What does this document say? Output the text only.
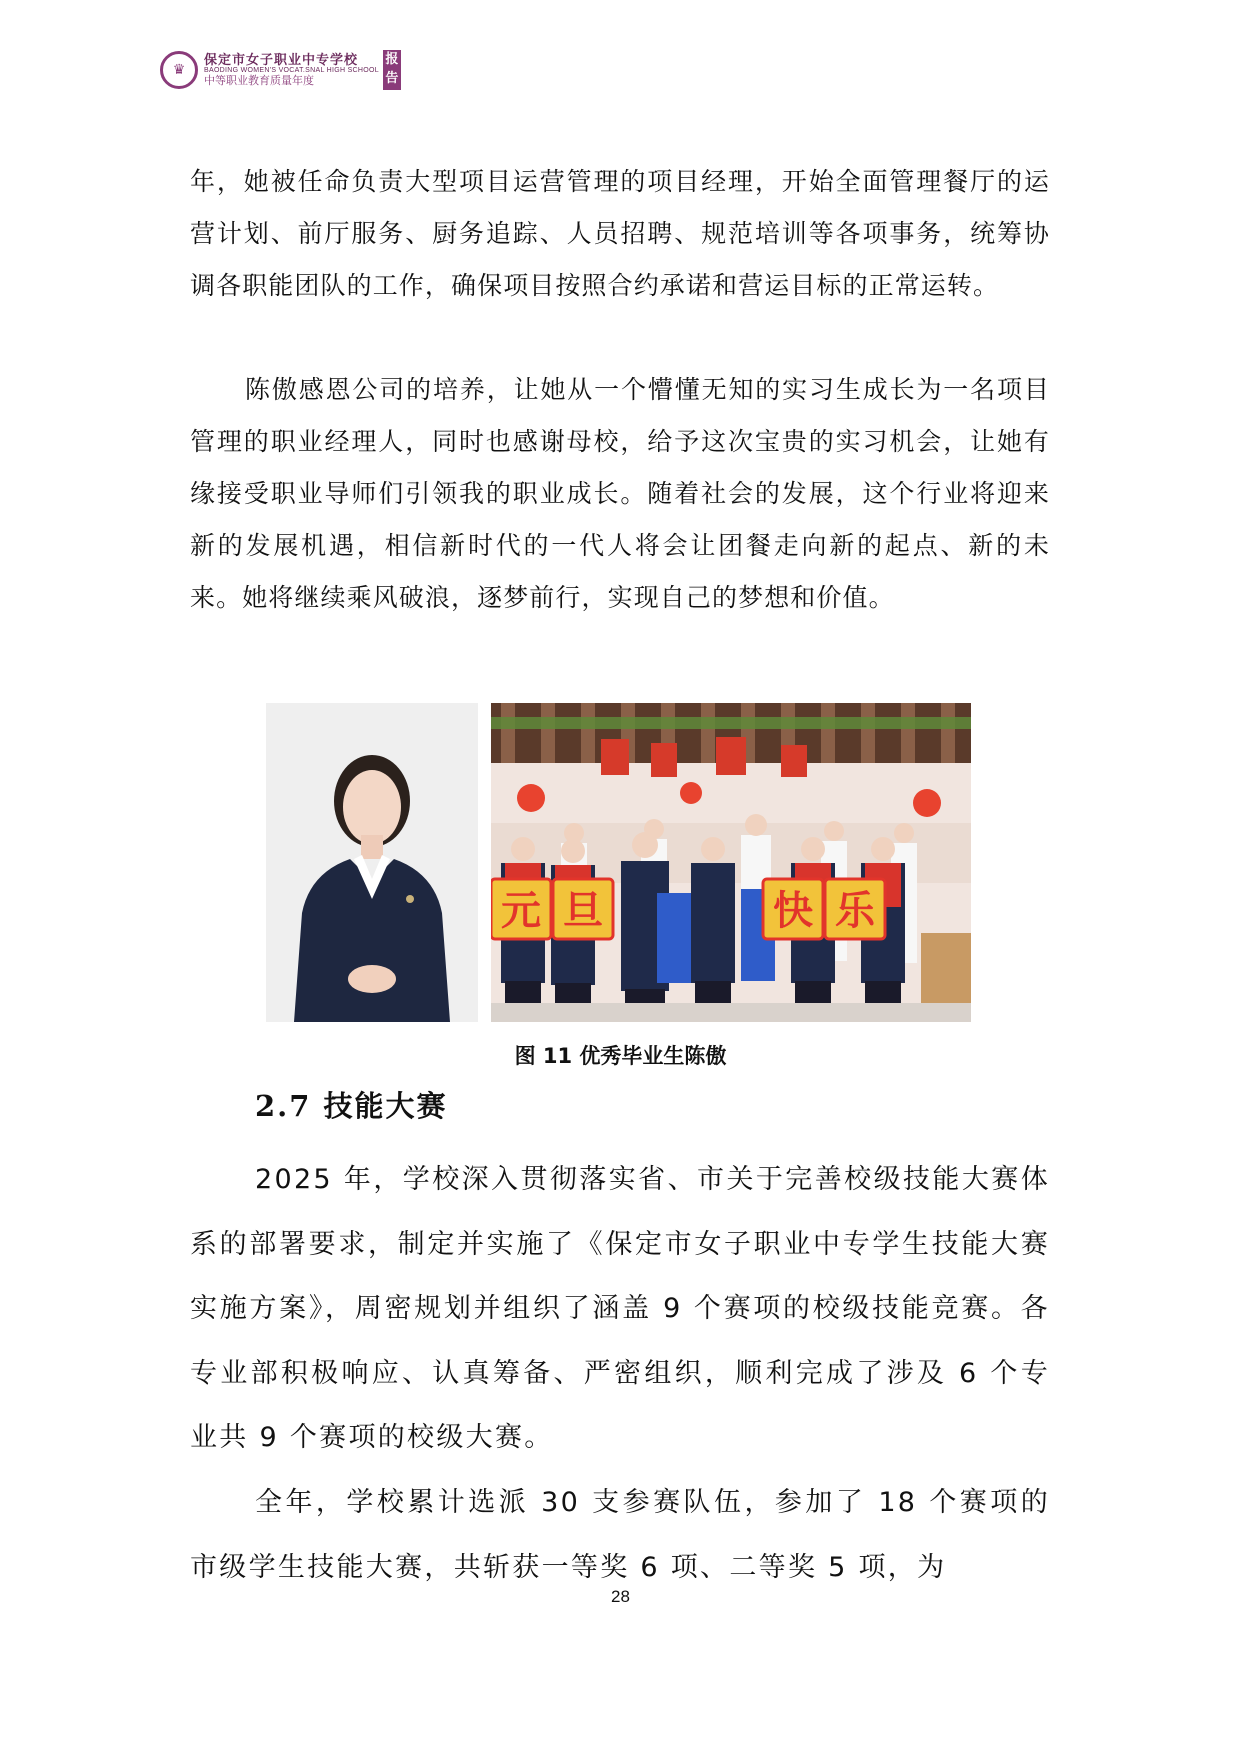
♛
保定市女子职业中专学校
BAODING WOMEN'S VOCAT.SNAL HIGH SCHOOL
中等职业教育质量年度
报
告

年，她被任命负责大型项目运营管理的项目经理，开始全面管理餐厅的运营计划、前厅服务、厨务追踪、人员招聘、规范培训等各项事务，统筹协调各职能团队的工作，确保项目按照合约承诺和营运目标的正常运转。

陈傲感恩公司的培养，让她从一个懵懂无知的实习生成长为一名项目管理的职业经理人，同时也感谢母校，给予这次宝贵的实习机会，让她有缘接受职业导师们引领我的职业成长。随着社会的发展，这个行业将迎来新的发展机遇，相信新时代的一代人将会让团餐走向新的起点、新的未来。她将继续乘风破浪，逐梦前行，实现自己的梦想和价值。

元 旦	快 乐
图 11 优秀毕业生陈傲
2.7 技能大赛

2025 年，学校深入贯彻落实省、市关于完善校级技能大赛体系的部署要求，制定并实施了《保定市女子职业中专学生技能大赛实施方案》，周密规划并组织了涵盖 9 个赛项的校级技能竞赛。各专业部积极响应、认真筹备、严密组织，顺利完成了涉及 6 个专业共 9 个赛项的校级大赛。

全年，学校累计选派 30 支参赛队伍，参加了 18 个赛项的市级学生技能大赛，共斩获一等奖 6 项、二等奖 5 项，为

28
